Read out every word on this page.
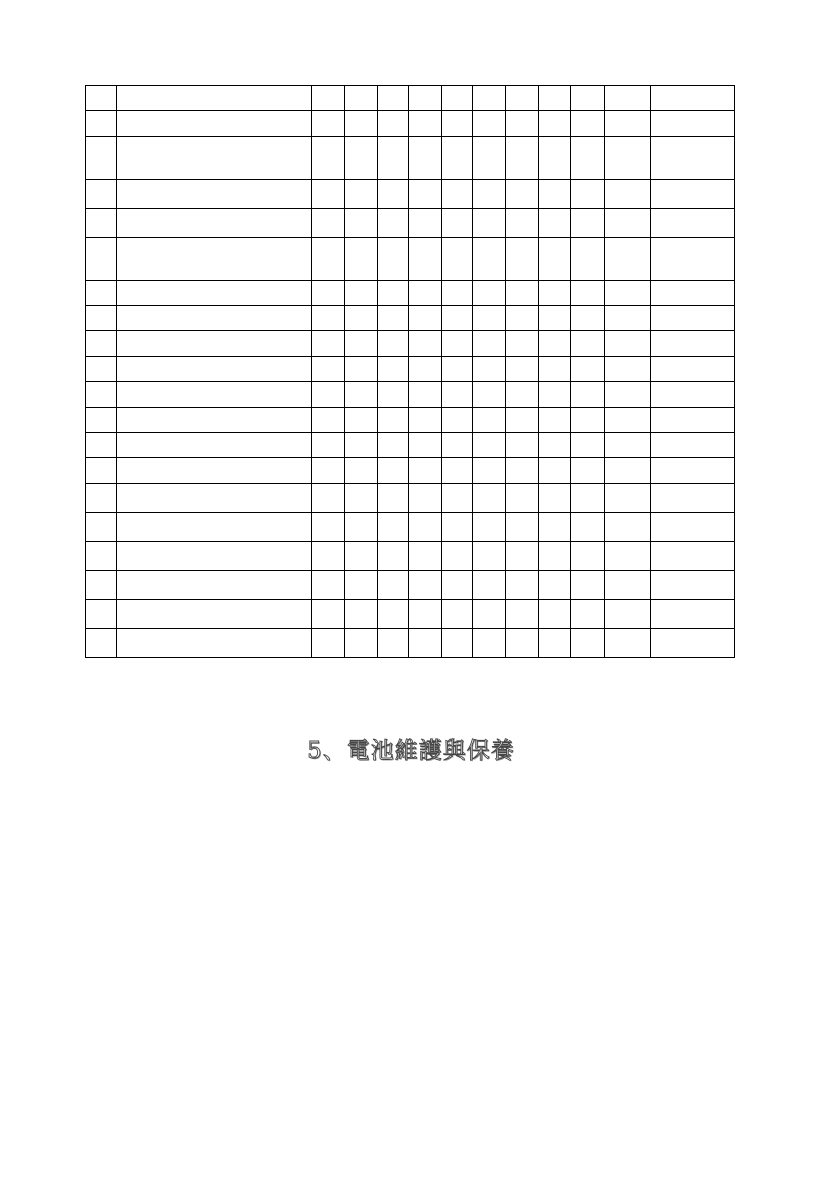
5、電池維護與保養
